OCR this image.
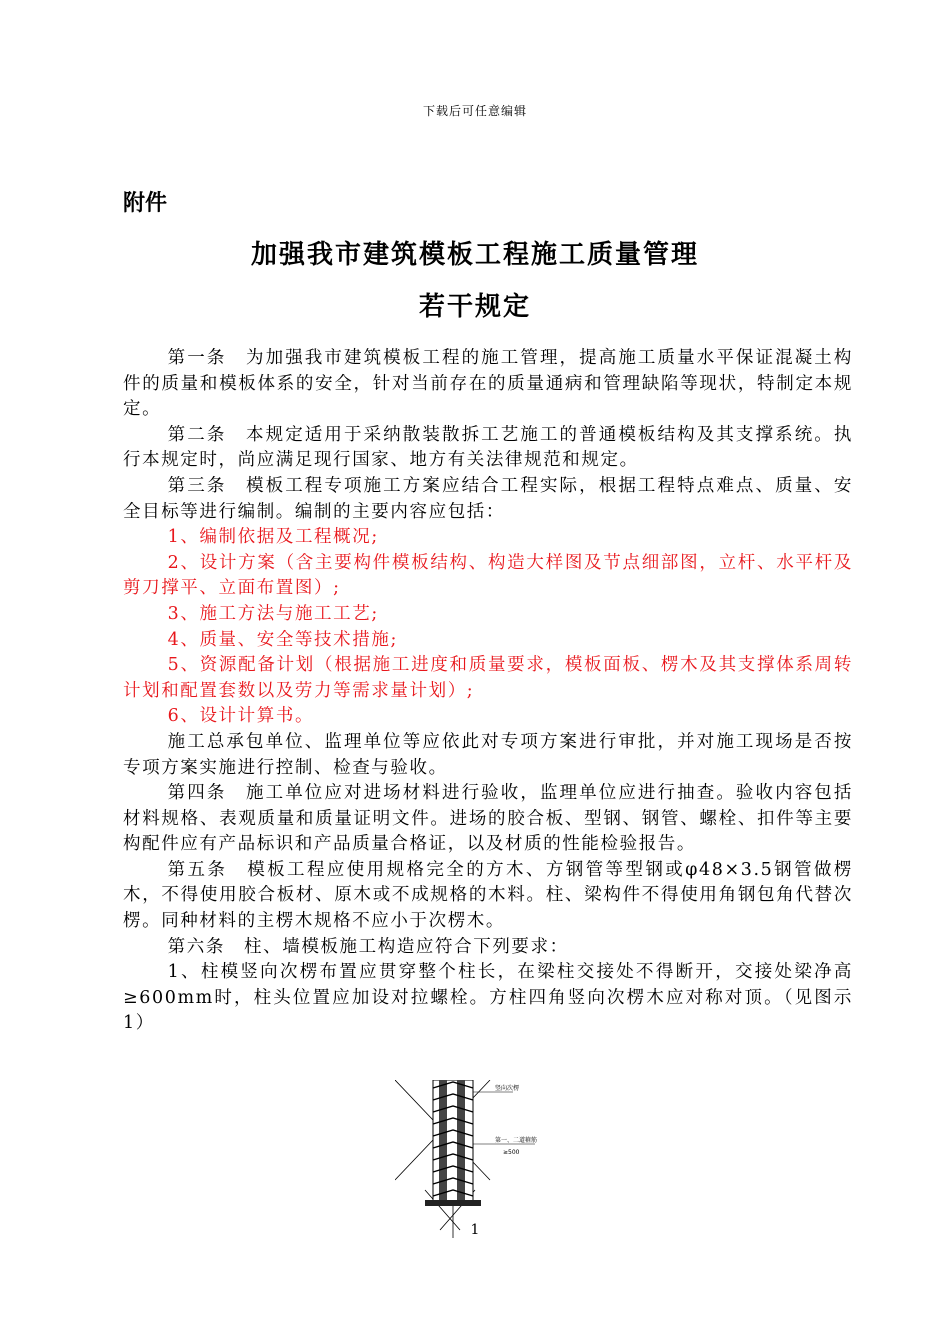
下载后可任意编辑
附件
加强我市建筑模板工程施工质量管理
若干规定

第一条　为加强我市建筑模板工程的施工管理，提高施工质量水平保证混凝土构件的质量和模板体系的安全，针对当前存在的质量通病和管理缺陷等现状，特制定本规定。

第二条　本规定适用于采纳散装散拆工艺施工的普通模板结构及其支撑系统。执行本规定时，尚应满足现行国家、地方有关法律规范和规定。

第三条　模板工程专项施工方案应结合工程实际，根据工程特点难点、质量、安全目标等进行编制。编制的主要内容应包括：

1、编制依据及工程概况;

2、设计方案（含主要构件模板结构、构造大样图及节点细部图，立杆、水平杆及剪刀撑平、立面布置图）;

3、施工方法与施工工艺;

4、质量、安全等技术措施;

5、资源配备计划（根据施工进度和质量要求，模板面板、楞木及其支撑体系周转计划和配置套数以及劳力等需求量计划）;

6、设计计算书。

施工总承包单位、监理单位等应依此对专项方案进行审批，并对施工现场是否按专项方案实施进行控制、检查与验收。

第四条　施工单位应对进场材料进行验收，监理单位应进行抽查。验收内容包括材料规格、表观质量和质量证明文件。进场的胶合板、型钢、钢管、螺栓、扣件等主要构配件应有产品标识和产品质量合格证，以及材质的性能检验报告。

第五条　模板工程应使用规格完全的方木、方钢管等型钢或φ48×3.5钢管做楞木，不得使用胶合板材、原木或不成规格的木料。柱、梁构件不得使用角钢包角代替次楞。同种材料的主楞木规格不应小于次楞木。

第六条　柱、墙模板施工构造应符合下列要求：

1、柱模竖向次楞布置应贯穿整个柱长，在梁柱交接处不得断开，交接处梁净高≥600mm时，柱头位置应加设对拉螺栓。方柱四角竖向次楞木应对称对顶。（见图示1）

竖向次楞
第一、二道箍筋
≥500
1
